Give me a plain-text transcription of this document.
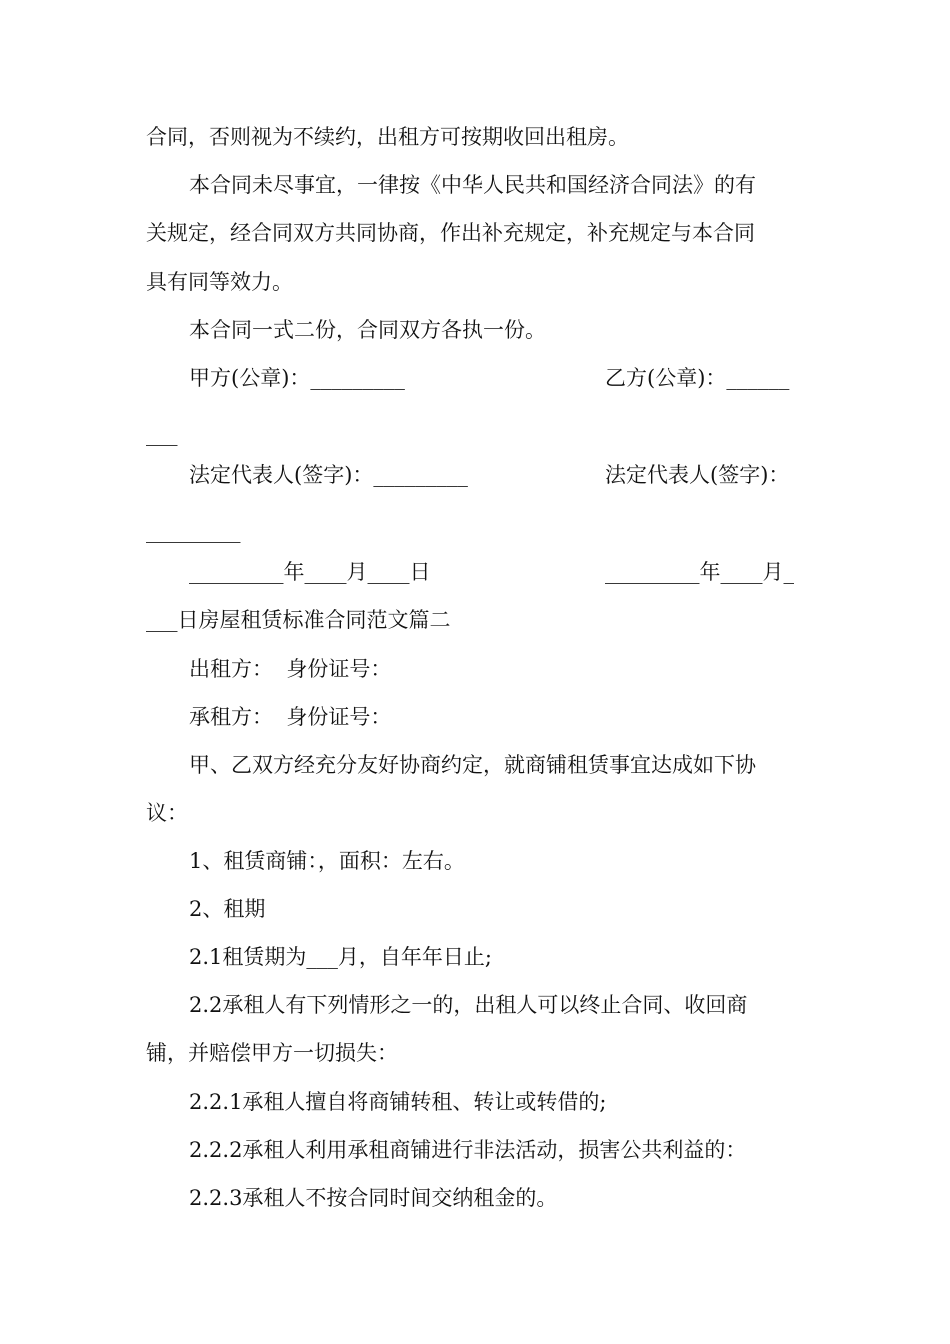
合同，否则视为不续约，出租方可按期收回出租房。
本合同未尽事宜，一律按《中华人民共和国经济合同法》的有
关规定，经合同双方共同协商，作出补充规定，补充规定与本合同
具有同等效力。
本合同一式二份，合同双方各执一份。
甲方(公章)：_________	乙方(公章)：______
___
法定代表人(签字)：_________	法定代表人(签字)：
_________
_________年____月____日	_________年____月_
___日房屋租赁标准合同范文篇二
出租方：  身份证号：
承租方：  身份证号：
甲、乙双方经充分友好协商约定，就商铺租赁事宜达成如下协
议：
1、租赁商铺：，面积：左右。
2、租期
2.1租赁期为___月，自年年日止;
2.2承租人有下列情形之一的，出租人可以终止合同、收回商
铺，并赔偿甲方一切损失：
2.2.1承租人擅自将商铺转租、转让或转借的;
2.2.2承租人利用承租商铺进行非法活动，损害公共利益的：
2.2.3承租人不按合同时间交纳租金的。
